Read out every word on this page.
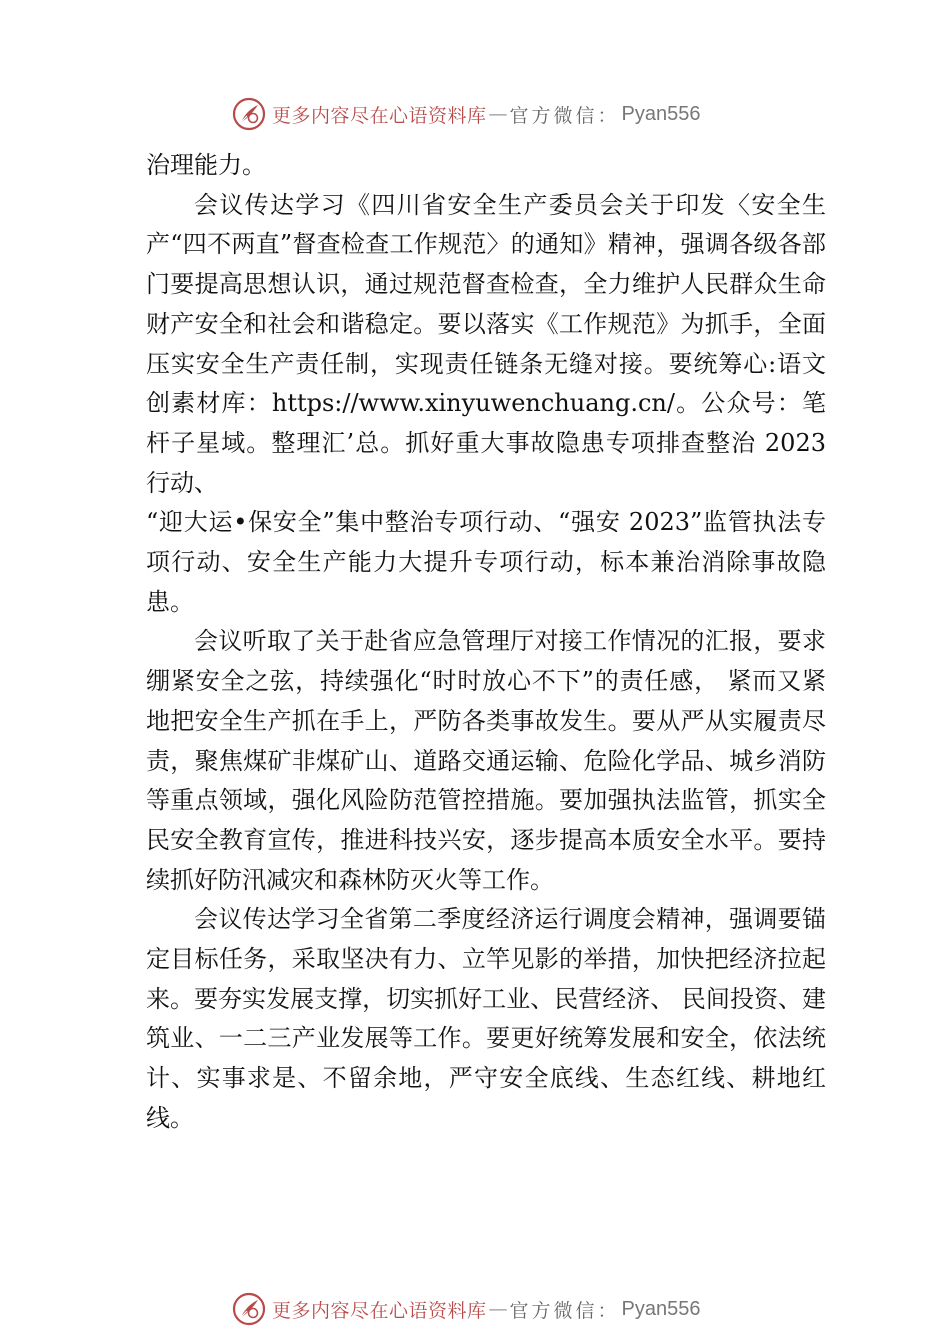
更多内容尽在心语资料库 — 官方微信： Pyan556

治理能力。

会议传达学习《四川省安全生产委员会关于印发〈安全生产“四不两直”督查检查工作规范〉的通知》精神，强调各级各部门要提高思想认识，通过规范督查检查，全力维护人民群众生命财产安全和社会和谐稳定。要以落实《工作规范》为抓手，全面压实安全生产责任制，实现责任链条无缝对接。要统筹心:语文创素材库：https://www.xinyuwenchuang.cn/。公众号：笔杆子星域。整理汇’总。抓好重大事故隐患专项排查整治 2023 行动、

“迎大运•保安全”集中整治专项行动、“强安 2023”监管执法专项行动、安全生产能力大提升专项行动，标本兼治消除事故隐患。

会议听取了关于赴省应急管理厅对接工作情况的汇报，要求绷紧安全之弦，持续强化“时时放心不下”的责任感， 紧而又紧地把安全生产抓在手上，严防各类事故发生。要从严从实履责尽责，聚焦煤矿非煤矿山、道路交通运输、危险化学品、城乡消防等重点领域，强化风险防范管控措施。要加强执法监管，抓实全民安全教育宣传，推进科技兴安，逐步提高本质安全水平。要持续抓好防汛减灾和森林防灭火等工作。

会议传达学习全省第二季度经济运行调度会精神，强调要锚定目标任务，采取坚决有力、立竿见影的举措，加快把经济拉起来。要夯实发展支撑，切实抓好工业、民营经济、 民间投资、建筑业、一二三产业发展等工作。要更好统筹发展和安全，依法统计、实事求是、不留余地，严守安全底线、生态红线、耕地红线。

更多内容尽在心语资料库 — 官方微信： Pyan556
